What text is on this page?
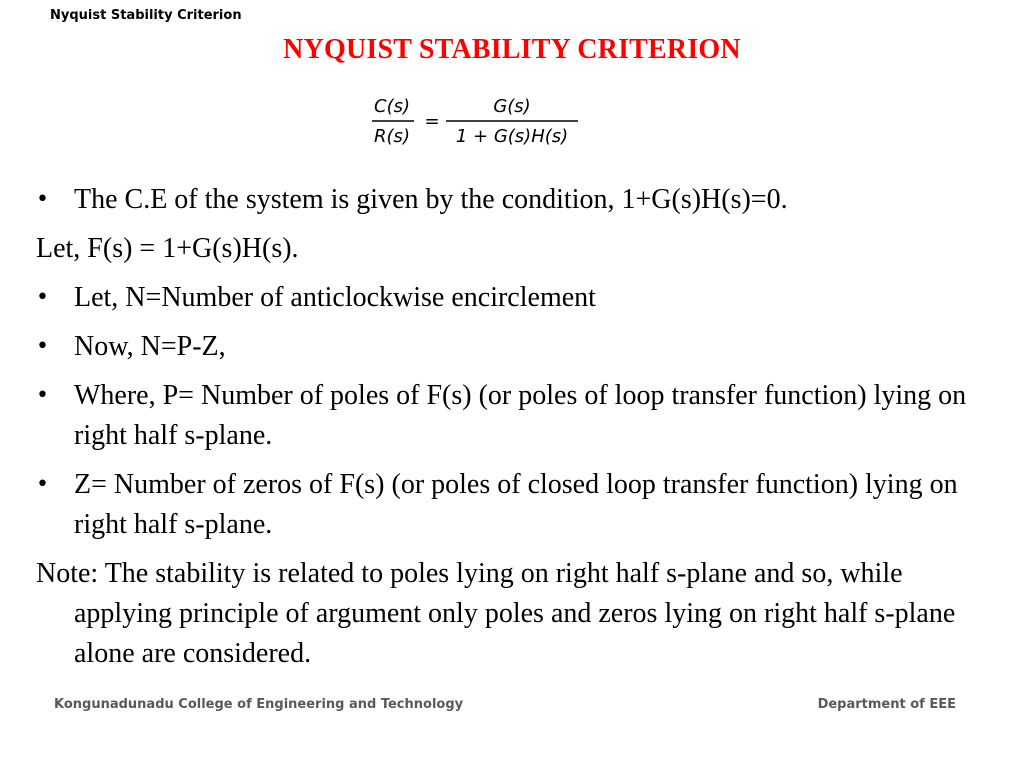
Nyquist Stability Criterion
NYQUIST STABILITY CRITERION
C(s)
R(s)
=
G(s)
1 + G(s)H(s)
• The C.E of the system is given by the condition, 1+G(s)H(s)=0.
Let, F(s) = 1+G(s)H(s).
• Let, N=Number of anticlockwise encirclement
• Now, N=P-Z,
• Where, P= Number of poles of F(s) (or poles of loop transfer function) lying on right half s-plane.
• Z= Number of zeros of F(s) (or poles of closed loop transfer function) lying on right half s-plane.
Note: The stability is related to poles lying on right half s-plane and so, while applying principle of argument only poles and zeros lying on right half s-plane alone are considered.
Kongunadunadu College of Engineering and Technology	Department of EEE
